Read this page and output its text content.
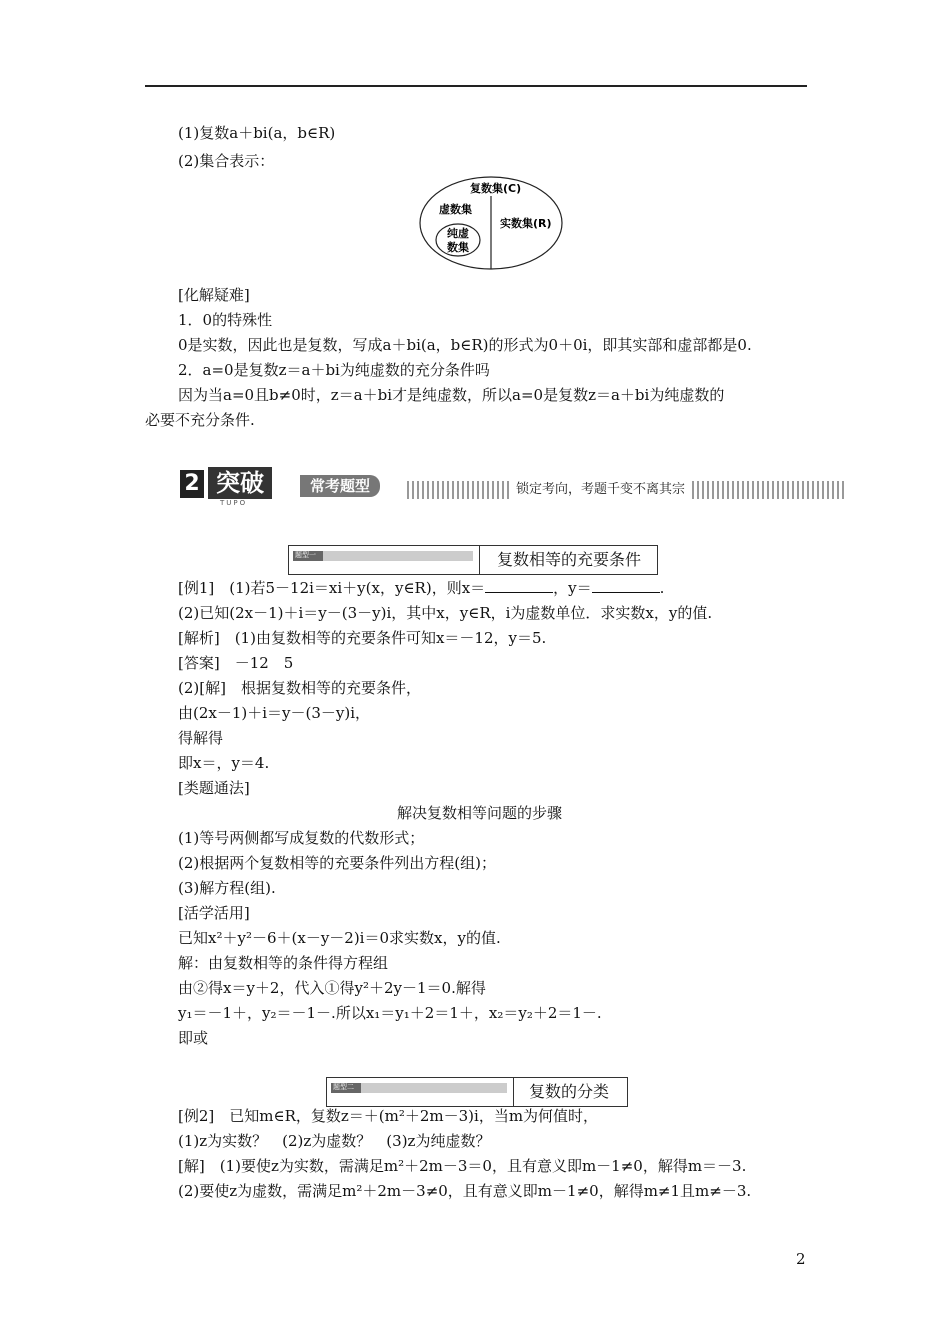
(1)复数a＋bi(a，b∈R)
(2)集合表示：
复数集(C)
虚数集
实数集(R)
纯虚
数集
[化解疑难]
1．0的特殊性
0是实数，因此也是复数，写成a＋bi(a，b∈R)的形式为0＋0i，即其实部和虚部都是0.
2．a=0是复数z＝a＋bi为纯虚数的充分条件吗
因为当a=0且b≠0时，z＝a＋bi才是纯虚数，所以a=0是复数z＝a＋bi为纯虚数的
必要不充分条件.
2 突破	常考题型
TUPO
锁定考向，考题千变不离其宗
题型一	复数相等的充要条件
[例1]　(1)若5－12i＝xi＋y(x，y∈R)，则x＝	，y＝	.
(2)已知(2x－1)＋i＝y－(3－y)i，其中x，y∈R，i为虚数单位．求实数x，y的值.
[解析]　(1)由复数相等的充要条件可知x＝－12，y＝5.
[答案]　－12　5
(2)[解]　根据复数相等的充要条件，
由(2x－1)＋i＝y－(3－y)i，
得解得
即x＝，y＝4.
[类题通法]
解决复数相等问题的步骤
(1)等号两侧都写成复数的代数形式；
(2)根据两个复数相等的充要条件列出方程(组)；
(3)解方程(组).
[活学活用]
已知x²＋y²－6＋(x－y－2)i＝0求实数x，y的值.
解：由复数相等的条件得方程组
由②得x＝y＋2，代入①得y²＋2y－1＝0.解得
y₁＝－1＋，y₂＝－1－.所以x₁＝y₁＋2＝1＋，x₂＝y₂＋2＝1－.
即或
题型二	复数的分类
[例2]　已知m∈R，复数z＝＋(m²＋2m－3)i，当m为何值时，
(1)z为实数？　(2)z为虚数？　(3)z为纯虚数？
[解]　(1)要使z为实数，需满足m²＋2m－3＝0，且有意义即m－1≠0，解得m＝－3.
(2)要使z为虚数，需满足m²＋2m－3≠0，且有意义即m－1≠0，解得m≠1且m≠－3.
2
